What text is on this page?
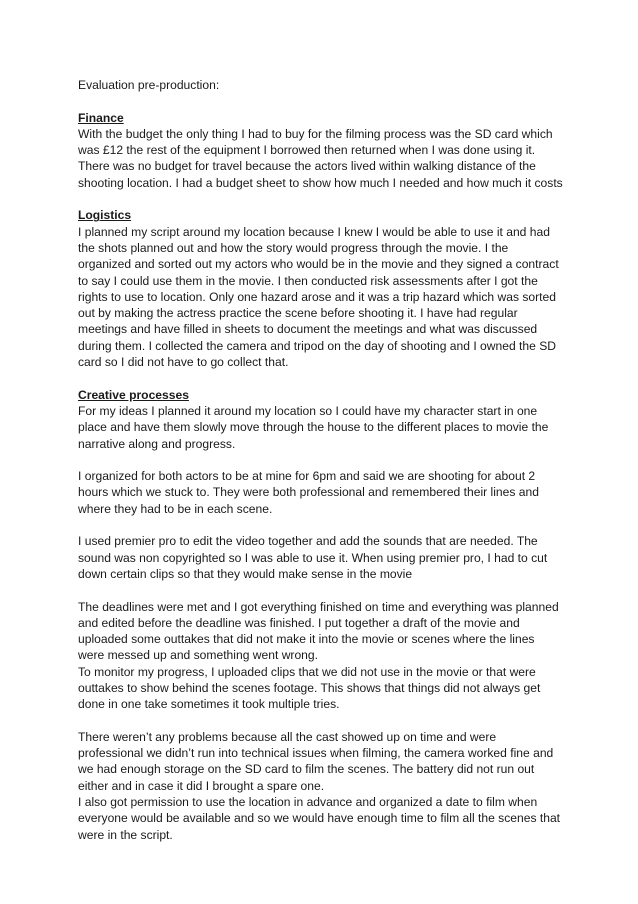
Evaluation pre-production:

Finance

With the budget the only thing I had to buy for the filming process was the SD card which was £12 the rest of the equipment I borrowed then returned when I was done using it. There was no budget for travel because the actors lived within walking distance of the shooting location. I had a budget sheet to show how much I needed and how much it costs

Logistics

I planned my script around my location because I knew I would be able to use it and had the shots planned out and how the story would progress through the movie. I the organized and sorted out my actors who would be in the movie and they signed a contract to say I could use them in the movie. I then conducted risk assessments after I got the rights to use to location. Only one hazard arose and it was a trip hazard which was sorted out by making the actress practice the scene before shooting it. I have had regular meetings and have filled in sheets to document the meetings and what was discussed during them. I collected the camera and tripod on the day of shooting and I owned the SD card so I did not have to go collect that.

Creative processes

For my ideas I planned it around my location so I could have my character start in one place and have them slowly move through the house to the different places to movie the narrative along and progress.

I organized for both actors to be at mine for 6pm and said we are shooting for about 2 hours which we stuck to. They were both professional and remembered their lines and where they had to be in each scene.

I used premier pro to edit the video together and add the sounds that are needed. The sound was non copyrighted so I was able to use it. When using premier pro, I had to cut down certain clips so that they would make sense in the movie

The deadlines were met and I got everything finished on time and everything was planned and edited before the deadline was finished. I put together a draft of the movie and uploaded some outtakes that did not make it into the movie or scenes where the lines were messed up and something went wrong.

To monitor my progress, I uploaded clips that we did not use in the movie or that were outtakes to show behind the scenes footage. This shows that things did not always get done in one take sometimes it took multiple tries.

There weren’t any problems because all the cast showed up on time and were professional we didn’t run into technical issues when filming, the camera worked fine and we had enough storage on the SD card to film the scenes. The battery did not run out either and in case it did I brought a spare one.

I also got permission to use the location in advance and organized a date to film when everyone would be available and so we would have enough time to film all the scenes that were in the script.
